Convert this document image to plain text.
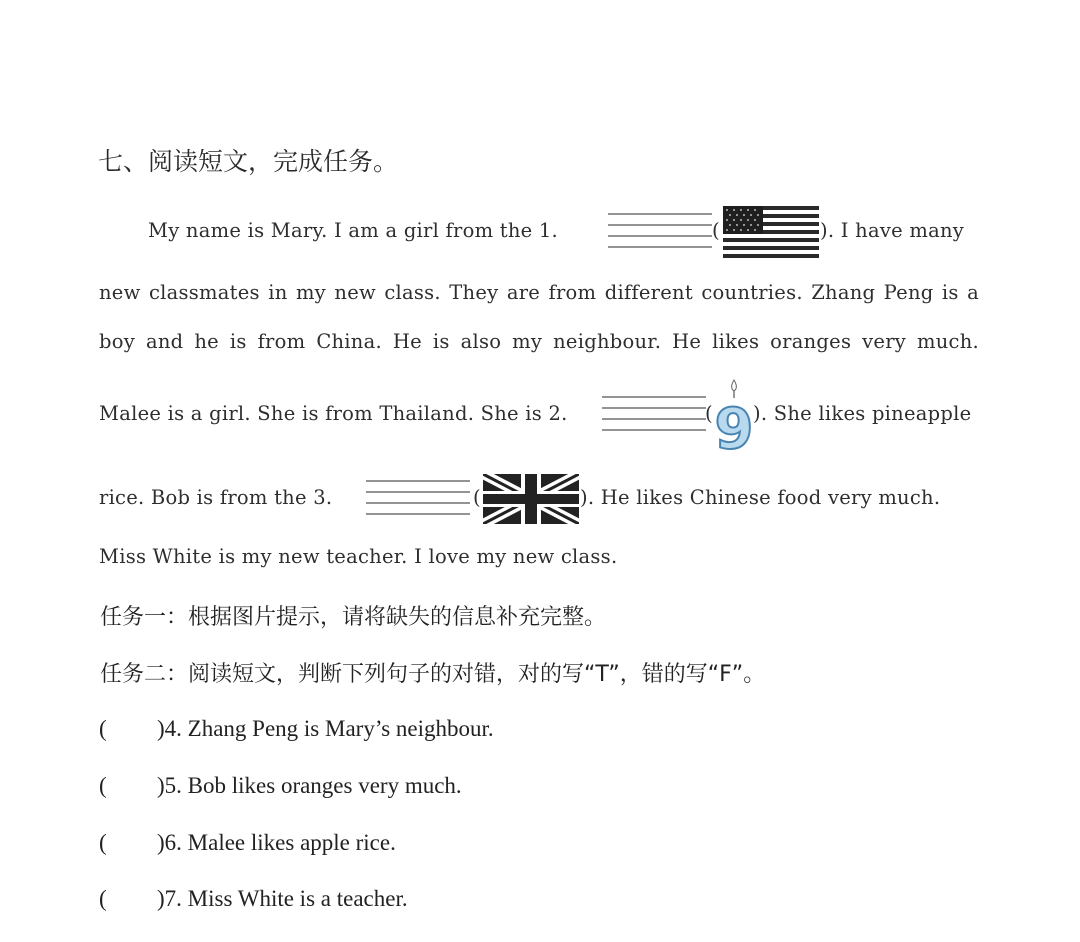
七、阅读短文，完成任务。
My name is Mary. I am a girl from the 1.	(	). I have many
new classmates in my new class. They are from different countries. Zhang Peng is a
boy and he is from China. He is also my neighbour. He likes oranges very much.
Malee is a girl. She is from Thailand. She is 2.	( 9 ). She likes pineapple
rice. Bob is from the 3.	(	). He likes Chinese food very much.
Miss White is my new teacher. I love my new class.
任务一：根据图片提示，请将缺失的信息补充完整。
任务二：阅读短文，判断下列句子的对错，对的写“T”，错的写“F”。
( )4. Zhang Peng is Mary’s neighbour.
( )5. Bob likes oranges very much.
( )6. Malee likes apple rice.
( )7. Miss White is a teacher.
